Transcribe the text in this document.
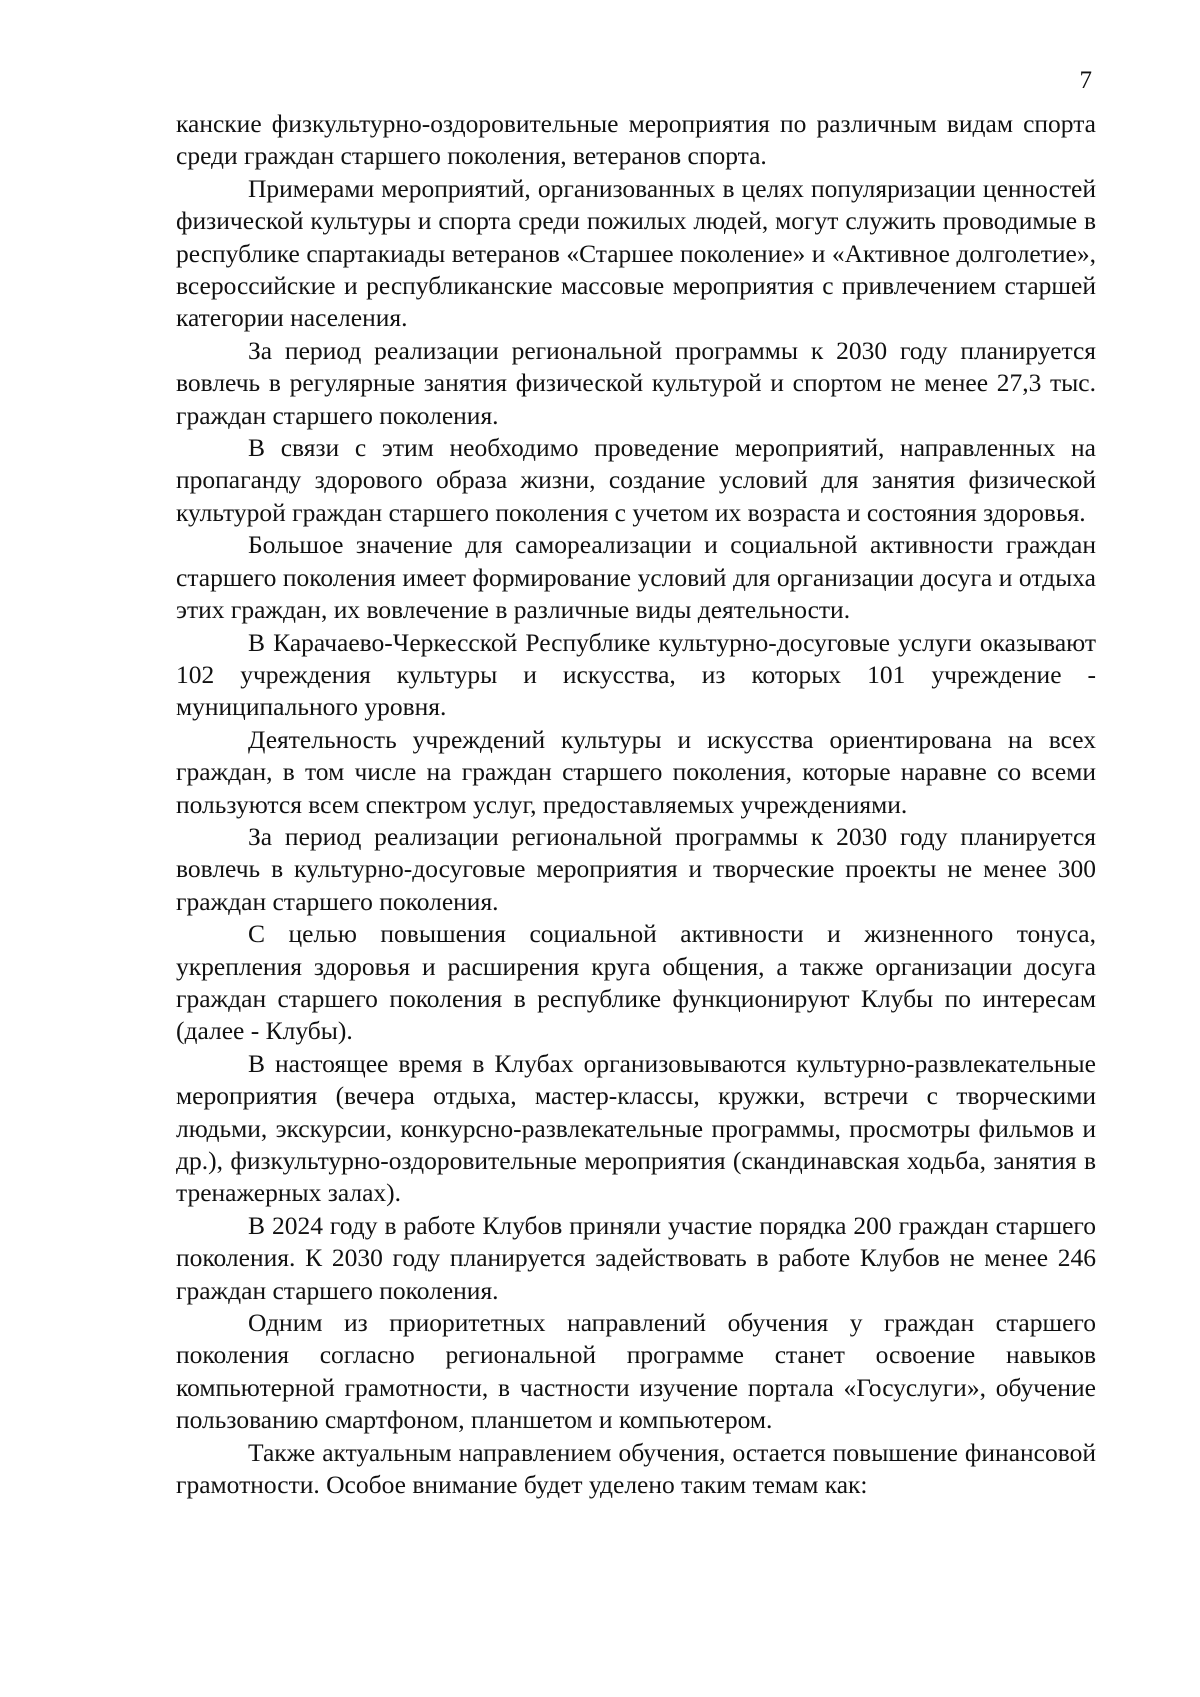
7

канские физкультурно-оздоровительные мероприятия по различным видам спорта среди граждан старшего поколения, ветеранов спорта.

Примерами мероприятий, организованных в целях популяризации ценностей физической культуры и спорта среди пожилых людей, могут служить проводимые в республике спартакиады ветеранов «Старшее поколение» и «Активное долголетие», всероссийские и республиканские массовые мероприятия с привлечением старшей категории населения.

За период реализации региональной программы к 2030 году планируется вовлечь в регулярные занятия физической культурой и спортом не менее 27,3 тыс. граждан старшего поколения.

В связи с этим необходимо проведение мероприятий, направленных на пропаганду здорового образа жизни, создание условий для занятия физической культурой граждан старшего поколения с учетом их возраста и состояния здоровья.

Большое значение для самореализации и социальной активности граждан старшего поколения имеет формирование условий для организации досуга и отдыха этих граждан, их вовлечение в различные виды деятельности.

В Карачаево-Черкесской Республике культурно-досуговые услуги оказывают 102 учреждения культуры и искусства, из которых 101 учреждение - муниципального уровня.

Деятельность учреждений культуры и искусства ориентирована на всех граждан, в том числе на граждан старшего поколения, которые наравне со всеми пользуются всем спектром услуг, предоставляемых учреждениями.

За период реализации региональной программы к 2030 году планируется вовлечь в культурно-досуговые мероприятия и творческие проекты не менее 300 граждан старшего поколения.

С целью повышения социальной активности и жизненного тонуса, укрепления здоровья и расширения круга общения, а также организации досуга граждан старшего поколения в республике функционируют Клубы по интересам (далее - Клубы).

В настоящее время в Клубах организовываются культурно-развлекательные мероприятия (вечера отдыха, мастер-классы, кружки, встречи с творческими людьми, экскурсии, конкурсно-развлекательные программы, просмотры фильмов и др.), физкультурно-оздоровительные мероприятия (скандинавская ходьба, занятия в тренажерных залах).

В 2024 году в работе Клубов приняли участие порядка 200 граждан старшего поколения. К 2030 году планируется задействовать в работе Клубов не менее 246 граждан старшего поколения.

Одним из приоритетных направлений обучения у граждан старшего поколения согласно региональной программе станет освоение навыков компьютерной грамотности, в частности изучение портала «Госуслуги», обучение пользованию смартфоном, планшетом и компьютером.

Также актуальным направлением обучения, остается повышение финансовой грамотности. Особое внимание будет уделено таким темам как:
